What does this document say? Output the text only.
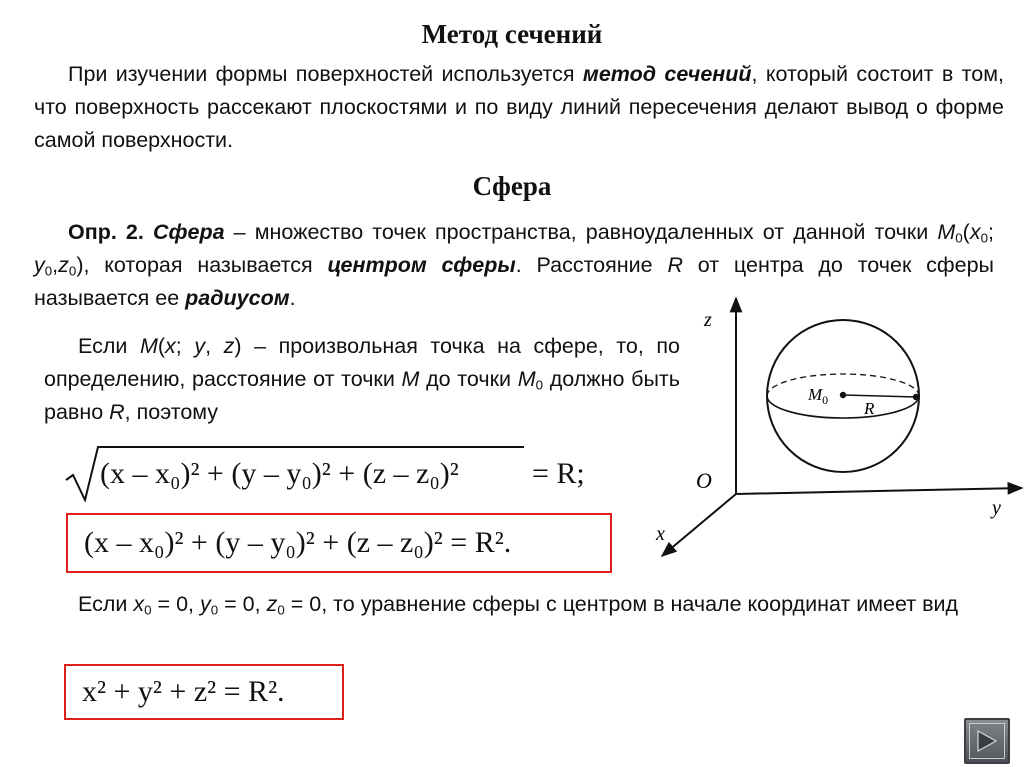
Метод сечений
При изучении формы поверхностей используется метод сечений, который состоит в том, что поверхность рассекают плоскостями и по виду линий пересечения делают вывод о форме самой поверхности.
Сфера
Опр. 2. Сфера – множество точек пространства, равноудаленных от данной точки $M_0(x_0$; $y_0,z_0$), которая называется центром сферы. Расстояние R от центра до точек сферы называется ее радиусом.
Если M(x; y, z) – произвольная точка на сфере, то, по определению, расстояние от точки M до точки $M_0$ должно быть равно R, поэтому
(x – x₀)² + (y – y₀)² + (z – z₀)² = R;
(x – x₀)² + (y – y₀)² + (z – z₀)² = R².
Если $x_0 = 0$, $y_0 = 0$, $z_0 = 0$, то уравнение сферы с центром в начале координат имеет вид
x² + y² + z² = R².
z
y
x
O
$M_0$ R
